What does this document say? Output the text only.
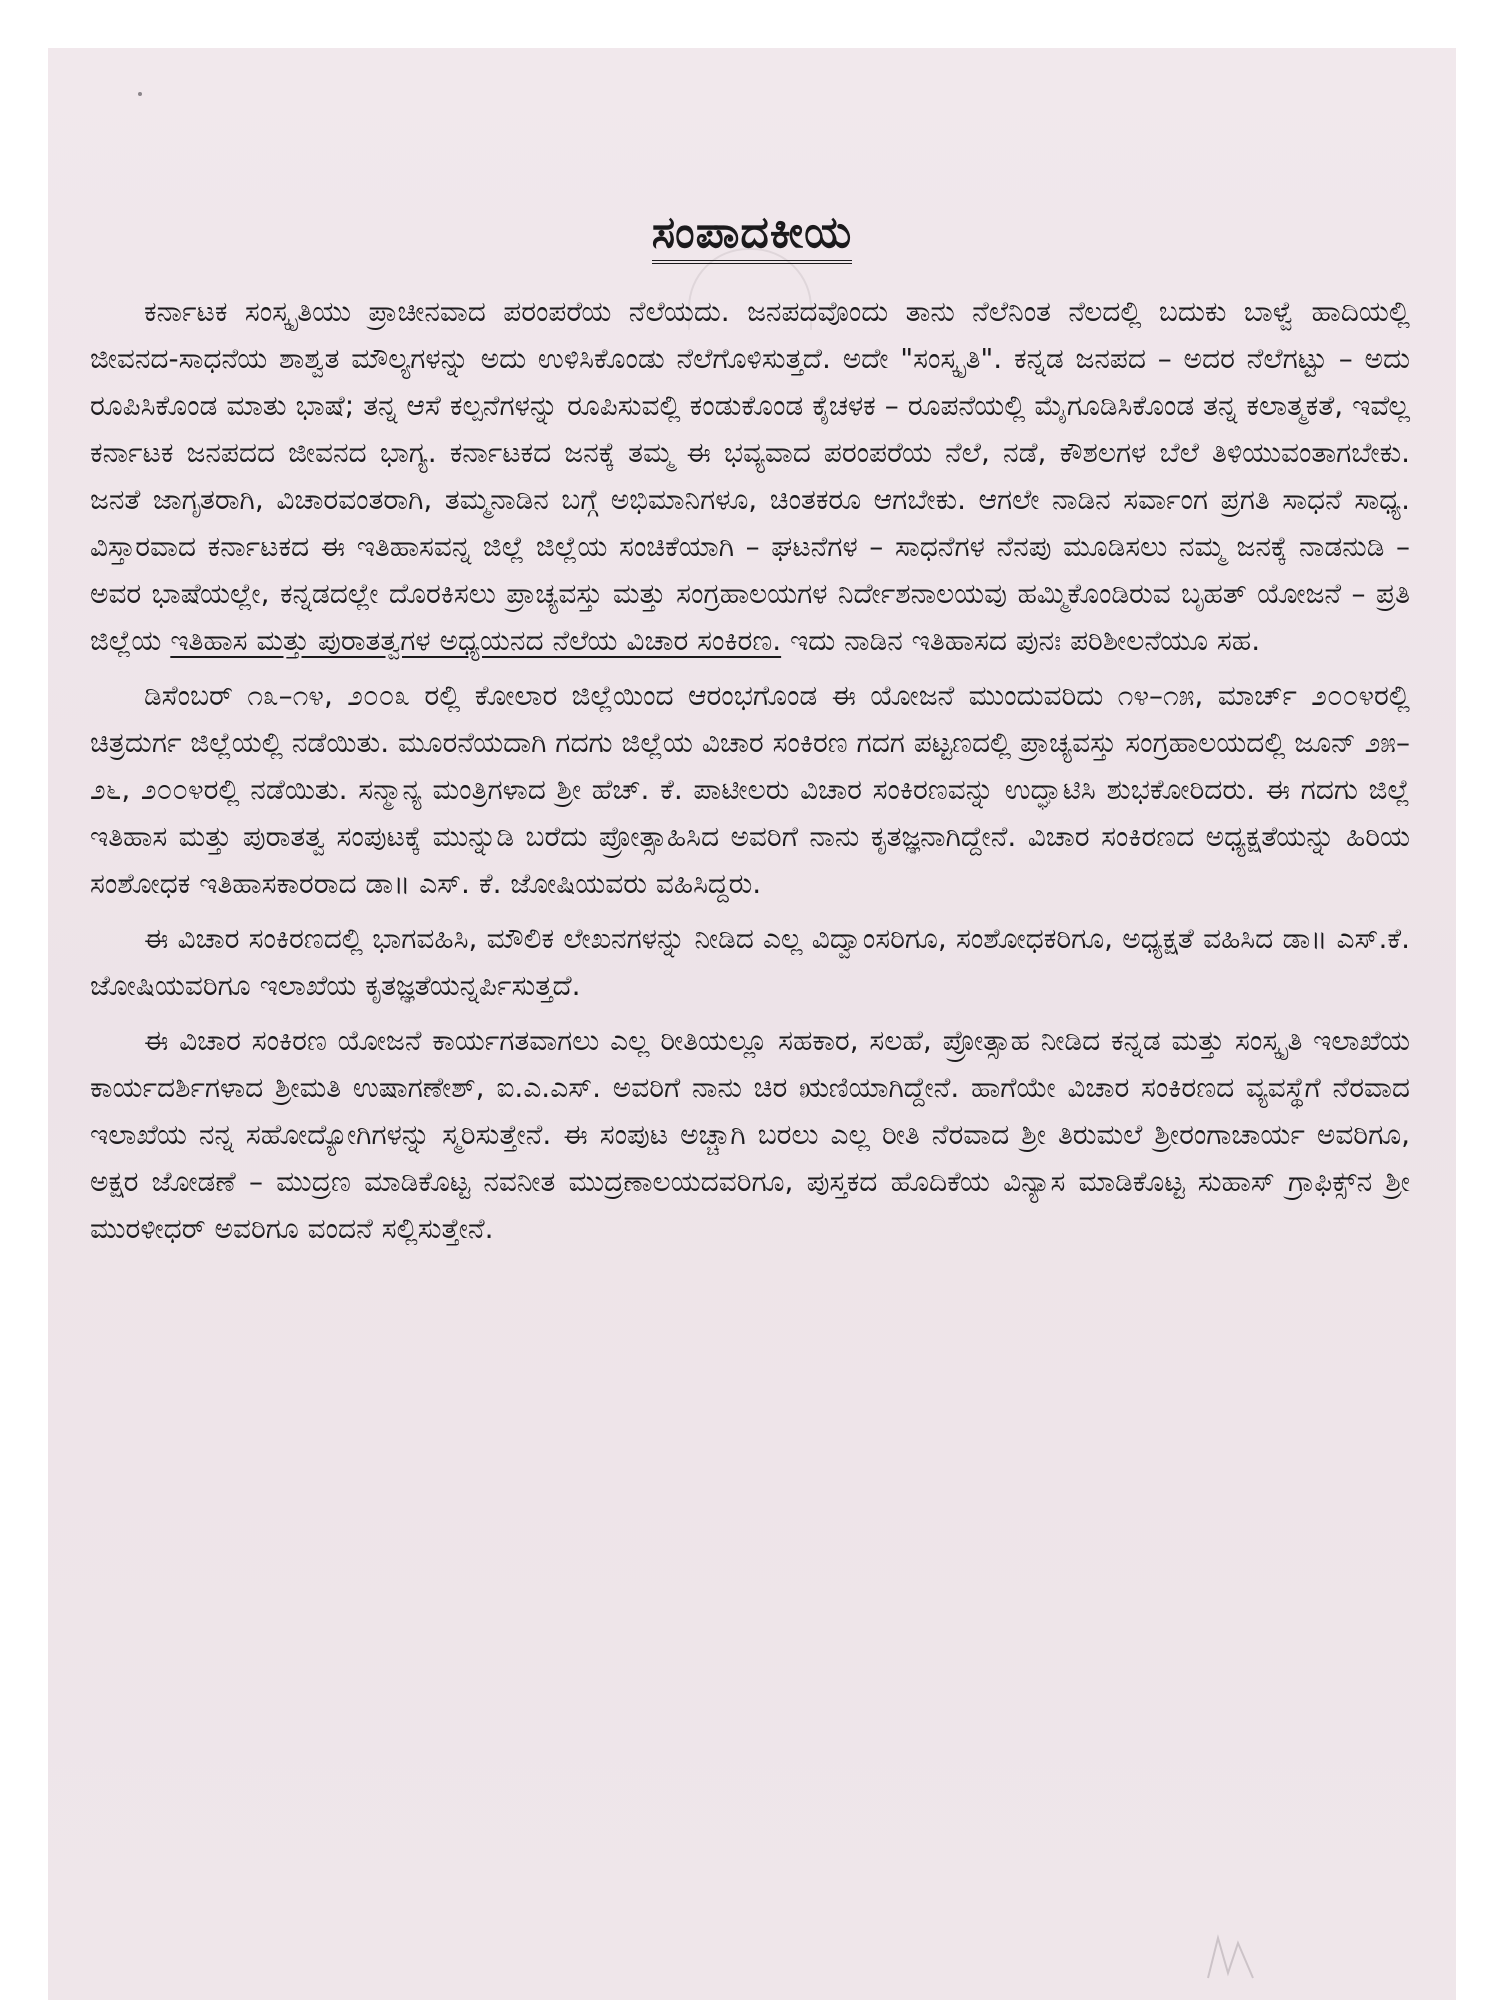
ಸಂಪಾದಕೀಯ

ಕರ್ನಾಟಕ ಸಂಸ್ಕೃತಿಯು ಪ್ರಾಚೀನವಾದ ಪರಂಪರೆಯ ನೆಲೆಯದು. ಜನಪದವೊಂದು ತಾನು ನೆಲೆನಿಂತ ನೆಲದಲ್ಲಿ ಬದುಕು ಬಾಳ್ವೆ ಹಾದಿಯಲ್ಲಿ ಜೀವನದ-ಸಾಧನೆಯ ಶಾಶ್ವತ ಮೌಲ್ಯಗಳನ್ನು ಅದು ಉಳಿಸಿಕೊಂಡು ನೆಲೆಗೊಳಿಸುತ್ತದೆ. ಅದೇ "ಸಂಸ್ಕೃತಿ". ಕನ್ನಡ ಜನಪದ – ಅದರ ನೆಲೆಗಟ್ಟು – ಅದು ರೂಪಿಸಿಕೊಂಡ ಮಾತು ಭಾಷೆ; ತನ್ನ ಆಸೆ ಕಲ್ಪನೆಗಳನ್ನು ರೂಪಿಸುವಲ್ಲಿ ಕಂಡುಕೊಂಡ ಕೈಚಳಕ – ರೂಪನೆಯಲ್ಲಿ ಮೈಗೂಡಿಸಿಕೊಂಡ ತನ್ನ ಕಲಾತ್ಮಕತೆ, ಇವೆಲ್ಲ ಕರ್ನಾಟಕ ಜನಪದದ ಜೀವನದ ಭಾಗ್ಯ. ಕರ್ನಾಟಕದ ಜನಕ್ಕೆ ತಮ್ಮ ಈ ಭವ್ಯವಾದ ಪರಂಪರೆಯ ನೆಲೆ, ನಡೆ, ಕೌಶಲಗಳ ಬೆಲೆ ತಿಳಿಯುವಂತಾಗಬೇಕು. ಜನತೆ ಜಾಗೃತರಾಗಿ, ವಿಚಾರವಂತರಾಗಿ, ತಮ್ಮನಾಡಿನ ಬಗ್ಗೆ ಅಭಿಮಾನಿಗಳೂ, ಚಿಂತಕರೂ ಆಗಬೇಕು. ಆಗಲೇ ನಾಡಿನ ಸರ್ವಾಂಗ ಪ್ರಗತಿ ಸಾಧನೆ ಸಾಧ್ಯ. ವಿಸ್ತಾರವಾದ ಕರ್ನಾಟಕದ ಈ ಇತಿಹಾಸವನ್ನ ಜಿಲ್ಲೆ ಜಿಲ್ಲೆಯ ಸಂಚಿಕೆಯಾಗಿ – ಘಟನೆಗಳ – ಸಾಧನೆಗಳ ನೆನಪು ಮೂಡಿಸಲು ನಮ್ಮ ಜನಕ್ಕೆ ನಾಡನುಡಿ – ಅವರ ಭಾಷೆಯಲ್ಲೇ, ಕನ್ನಡದಲ್ಲೇ ದೊರಕಿಸಲು ಪ್ರಾಚ್ಯವಸ್ತು ಮತ್ತು ಸಂಗ್ರಹಾಲಯಗಳ ನಿರ್ದೇಶನಾಲಯವು ಹಮ್ಮಿಕೊಂಡಿರುವ ಬೃಹತ್ ಯೋಜನೆ – ಪ್ರತಿ ಜಿಲ್ಲೆಯ ಇತಿಹಾಸ ಮತ್ತು ಪುರಾತತ್ವಗಳ ಅಧ್ಯಯನದ ನೆಲೆಯ ವಿಚಾರ ಸಂಕಿರಣ. ಇದು ನಾಡಿನ ಇತಿಹಾಸದ ಪುನಃ ಪರಿಶೀಲನೆಯೂ ಸಹ.

ಡಿಸೆಂಬರ್ ೧೩–೧೪, ೨೦೦೩ ರಲ್ಲಿ ಕೋಲಾರ ಜಿಲ್ಲೆಯಿಂದ ಆರಂಭಗೊಂಡ ಈ ಯೋಜನೆ ಮುಂದುವರಿದು ೧೪–೧೫, ಮಾರ್ಚ್ ೨೦೦೪ರಲ್ಲಿ ಚಿತ್ರದುರ್ಗ ಜಿಲ್ಲೆಯಲ್ಲಿ ನಡೆಯಿತು. ಮೂರನೆಯದಾಗಿ ಗದಗು ಜಿಲ್ಲೆಯ ವಿಚಾರ ಸಂಕಿರಣ ಗದಗ ಪಟ್ಟಣದಲ್ಲಿ ಪ್ರಾಚ್ಯವಸ್ತು ಸಂಗ್ರಹಾಲಯದಲ್ಲಿ ಜೂನ್ ೨೫–೨೬, ೨೦೦೪ರಲ್ಲಿ ನಡೆಯಿತು. ಸನ್ಮಾನ್ಯ ಮಂತ್ರಿಗಳಾದ ಶ್ರೀ ಹೆಚ್. ಕೆ. ಪಾಟೀಲರು ವಿಚಾರ ಸಂಕಿರಣವನ್ನು ಉದ್ಘಾಟಿಸಿ ಶುಭಕೋರಿದರು. ಈ ಗದಗು ಜಿಲ್ಲೆ ಇತಿಹಾಸ ಮತ್ತು ಪುರಾತತ್ವ ಸಂಪುಟಕ್ಕೆ ಮುನ್ನುಡಿ ಬರೆದು ಪ್ರೋತ್ಸಾಹಿಸಿದ ಅವರಿಗೆ ನಾನು ಕೃತಜ್ಞನಾಗಿದ್ದೇನೆ. ವಿಚಾರ ಸಂಕಿರಣದ ಅಧ್ಯಕ್ಷತೆಯನ್ನು ಹಿರಿಯ ಸಂಶೋಧಕ ಇತಿಹಾಸಕಾರರಾದ ಡಾ॥ ಎಸ್. ಕೆ. ಜೋಷಿಯವರು ವಹಿಸಿದ್ದರು.

ಈ ವಿಚಾರ ಸಂಕಿರಣದಲ್ಲಿ ಭಾಗವಹಿಸಿ, ಮೌಲಿಕ ಲೇಖನಗಳನ್ನು ನೀಡಿದ ಎಲ್ಲ ವಿದ್ವಾಂಸರಿಗೂ, ಸಂಶೋಧಕರಿಗೂ, ಅಧ್ಯಕ್ಷತೆ ವಹಿಸಿದ ಡಾ॥ ಎಸ್.ಕೆ. ಜೋಷಿಯವರಿಗೂ ಇಲಾಖೆಯ ಕೃತಜ್ಞತೆಯನ್ನರ್ಪಿಸುತ್ತದೆ.

ಈ ವಿಚಾರ ಸಂಕಿರಣ ಯೋಜನೆ ಕಾರ್ಯಗತವಾಗಲು ಎಲ್ಲ ರೀತಿಯಲ್ಲೂ ಸಹಕಾರ, ಸಲಹೆ, ಪ್ರೋತ್ಸಾಹ ನೀಡಿದ ಕನ್ನಡ ಮತ್ತು ಸಂಸ್ಕೃತಿ ಇಲಾಖೆಯ ಕಾರ್ಯದರ್ಶಿಗಳಾದ ಶ್ರೀಮತಿ ಉಷಾಗಣೇಶ್, ಐ.ಎ.ಎಸ್. ಅವರಿಗೆ ನಾನು ಚಿರ ಋಣಿಯಾಗಿದ್ದೇನೆ. ಹಾಗೆಯೇ ವಿಚಾರ ಸಂಕಿರಣದ ವ್ಯವಸ್ಥೆಗೆ ನೆರವಾದ ಇಲಾಖೆಯ ನನ್ನ ಸಹೋದ್ಯೋಗಿಗಳನ್ನು ಸ್ಮರಿಸುತ್ತೇನೆ. ಈ ಸಂಪುಟ ಅಚ್ಚಾಗಿ ಬರಲು ಎಲ್ಲ ರೀತಿ ನೆರವಾದ ಶ್ರೀ ತಿರುಮಲೆ ಶ್ರೀರಂಗಾಚಾರ್ಯ ಅವರಿಗೂ, ಅಕ್ಷರ ಜೋಡಣೆ – ಮುದ್ರಣ ಮಾಡಿಕೊಟ್ಟ ನವನೀತ ಮುದ್ರಣಾಲಯದವರಿಗೂ, ಪುಸ್ತಕದ ಹೊದಿಕೆಯ ವಿನ್ಯಾಸ ಮಾಡಿಕೊಟ್ಟ ಸುಹಾಸ್ ಗ್ರಾಫಿಕ್ಸ್‌ನ ಶ್ರೀ ಮುರಳೀಧರ್ ಅವರಿಗೂ ವಂದನೆ ಸಲ್ಲಿಸುತ್ತೇನೆ.
